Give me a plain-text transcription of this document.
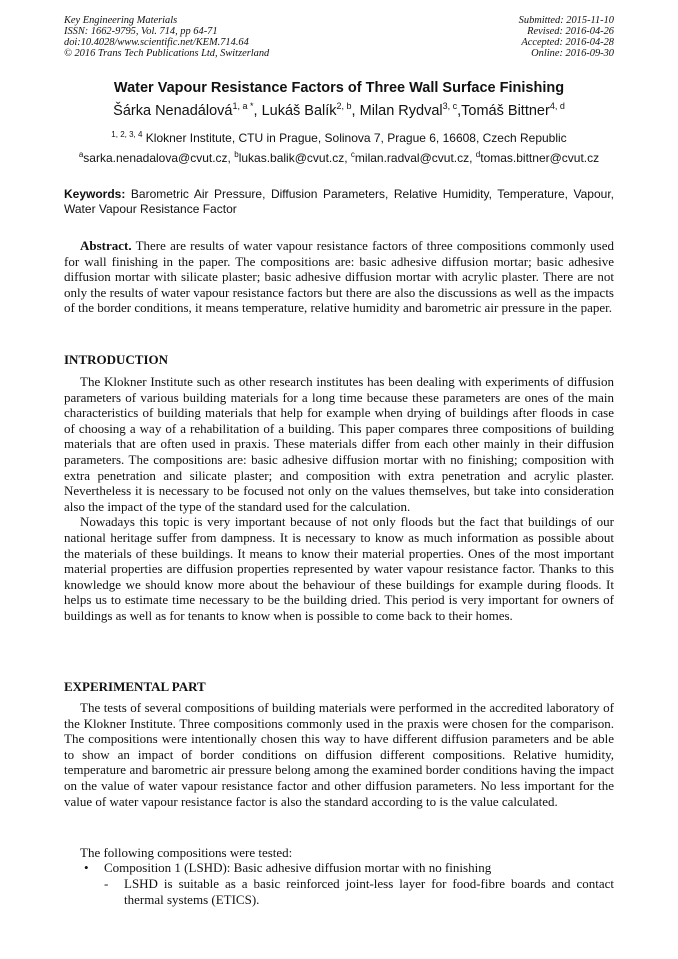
Key Engineering Materials
ISSN: 1662-9795, Vol. 714, pp 64-71
doi:10.4028/www.scientific.net/KEM.714.64
© 2016 Trans Tech Publications Ltd, Switzerland
Submitted: 2015-11-10
Revised: 2016-04-26
Accepted: 2016-04-28
Online: 2016-09-30
Water Vapour Resistance Factors of Three Wall Surface Finishing
Šárka Nenadálová$^{1, a *}$, Lukáš Balík$^{2, b}$, Milan Rydval$^{3, c}$,Tomáš Bittner$^{4, d}$
$^{1, 2, 3, 4}$ Klokner Institute, CTU in Prague, Solinova 7, Prague 6, 16608, Czech Republic
$^a$sarka.nenadalova@cvut.cz, $^b$lukas.balik@cvut.cz, $^c$milan.radval@cvut.cz, $^d$tomas.bittner@cvut.cz
Keywords: Barometric Air Pressure, Diffusion Parameters, Relative Humidity, Temperature, Vapour, Water Vapour Resistance Factor

Abstract. There are results of water vapour resistance factors of three compositions commonly used for wall finishing in the paper. The compositions are: basic adhesive diffusion mortar; basic adhesive diffusion mortar with silicate plaster; basic adhesive diffusion mortar with acrylic plaster. There are not only the results of water vapour resistance factors but there are also the discussions as well as the impacts of the border conditions, it means temperature, relative humidity and barometric air pressure in the paper.

INTRODUCTION

The Klokner Institute such as other research institutes has been dealing with experiments of diffusion parameters of various building materials for a long time because these parameters are ones of the main characteristics of building materials that help for example when drying of buildings after floods in case of choosing a way of a rehabilitation of a building. This paper compares three compositions of building materials that are often used in praxis. These materials differ from each other mainly in their diffusion parameters. The compositions are: basic adhesive diffusion mortar with no finishing; composition with extra penetration and silicate plaster; and composition with extra penetration and acrylic plaster. Nevertheless it is necessary to be focused not only on the values themselves, but take into consideration also the impact of the type of the standard used for the calculation.

Nowadays this topic is very important because of not only floods but the fact that buildings of our national heritage suffer from dampness. It is necessary to know as much information as possible about the materials of these buildings. It means to know their material properties. Ones of the most important material properties are diffusion properties represented by water vapour resistance factor. Thanks to this knowledge we should know more about the behaviour of these buildings for example during floods. It helps us to estimate time necessary to be the building dried. This period is very important for owners of buildings as well as for tenants to know when is possible to come back to their homes.

EXPERIMENTAL PART

The tests of several compositions of building materials were performed in the accredited laboratory of the Klokner Institute. Three compositions commonly used in the praxis were chosen for the comparison. The compositions were intentionally chosen this way to have different diffusion parameters and be able to show an impact of border conditions on diffusion different compositions. Relative humidity, temperature and barometric air pressure belong among the examined border conditions having the impact on the value of water vapour resistance factor and other diffusion parameters. No less important for the value of water vapour resistance factor is also the standard according to is the value calculated.

The following compositions were tested:

• Composition 1 (LSHD): Basic adhesive diffusion mortar with no finishing
- LSHD is suitable as a basic reinforced joint-less layer for food-fibre boards and contact thermal systems (ETICS).
